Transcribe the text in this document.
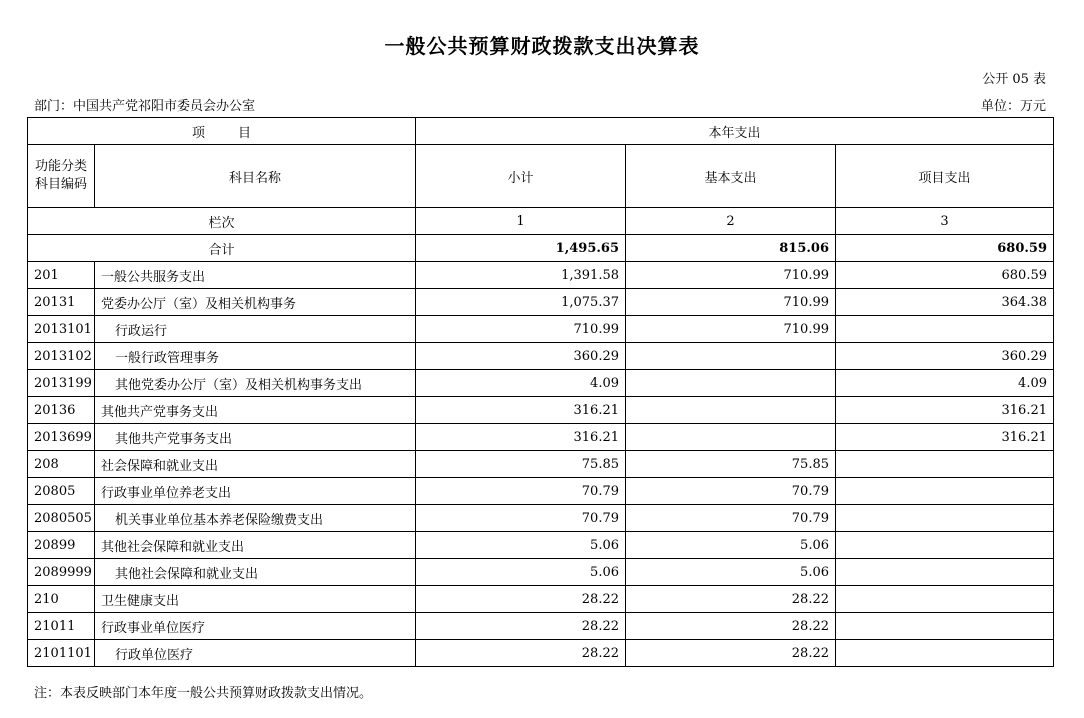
一般公共预算财政拨款支出决算表
公开 05 表
部门：中国共产党祁阳市委员会办公室	单位：万元
项        目		本年支出		
功能分类科目编码	科目名称	小计	基本支出	项目支出
栏次		1	2	3
合计		1,495.65	815.06	680.59
201	一般公共服务支出	1,391.58	710.99	680.59
20131	党委办公厅（室）及相关机构事务	1,075.37	710.99	364.38
2013101	行政运行	710.99	710.99	
2013102	一般行政管理事务	360.29		360.29
2013199	其他党委办公厅（室）及相关机构事务支出	4.09		4.09
20136	其他共产党事务支出	316.21		316.21
2013699	其他共产党事务支出	316.21		316.21
208	社会保障和就业支出	75.85	75.85	
20805	行政事业单位养老支出	70.79	70.79	
2080505	机关事业单位基本养老保险缴费支出	70.79	70.79	
20899	其他社会保障和就业支出	5.06	5.06	
2089999	其他社会保障和就业支出	5.06	5.06	
210	卫生健康支出	28.22	28.22	
21011	行政事业单位医疗	28.22	28.22	
2101101	行政单位医疗	28.22	28.22	
注：本表反映部门本年度一般公共预算财政拨款支出情况。
